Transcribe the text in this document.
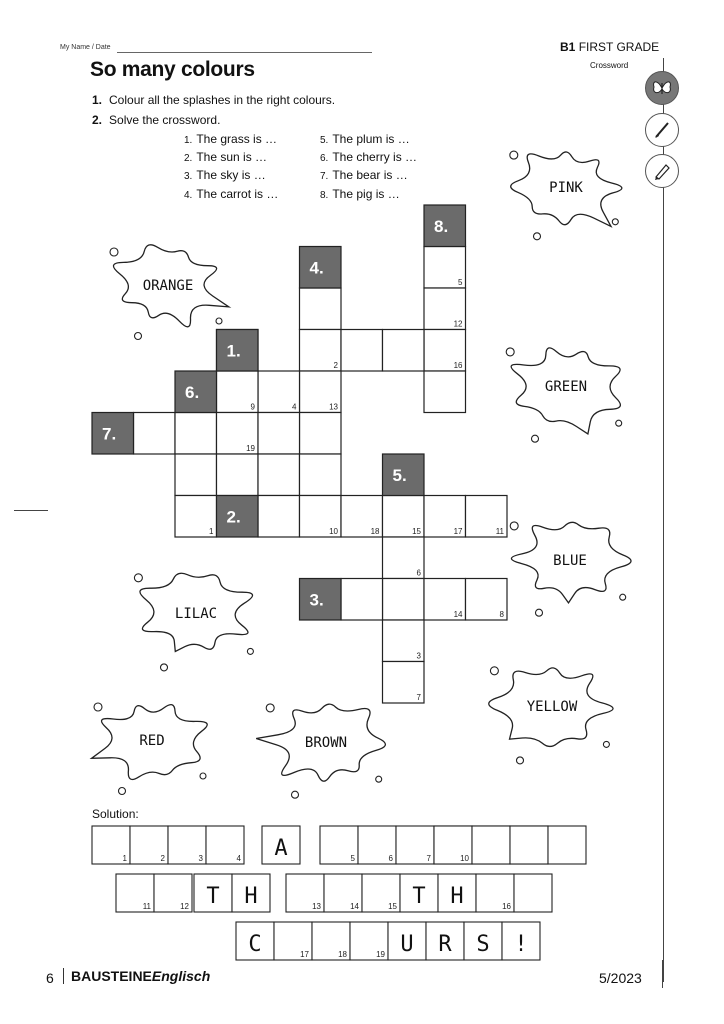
My Name / Date	B1 FIRST GRADE
Crossword
So many colours
1. Colour all the splashes in the right colours.
2. Solve the crossword.
1. The grass is …
2. The sun is …
3. The sky is …
4. The carrot is …
5. The plum is …
6. The cherry is …
7. The bear is …
8. The pig is …
ORANGE
PINK
GREEN
BLUE
LILAC
YELLOW
RED	BROWN
1.
2.
3.
4.
5.
6.
7.
8.
1
2
3
4
5
6
7
8
9
10	11
12
13
14
15
16
17
18
19
1	2	3	4 A	5	6	7	10
11	12 T H	13	14	15 T H	16
C	17	18	19 U R S !
Solution:
6	BAUSTEINEEnglisch	5/2023
